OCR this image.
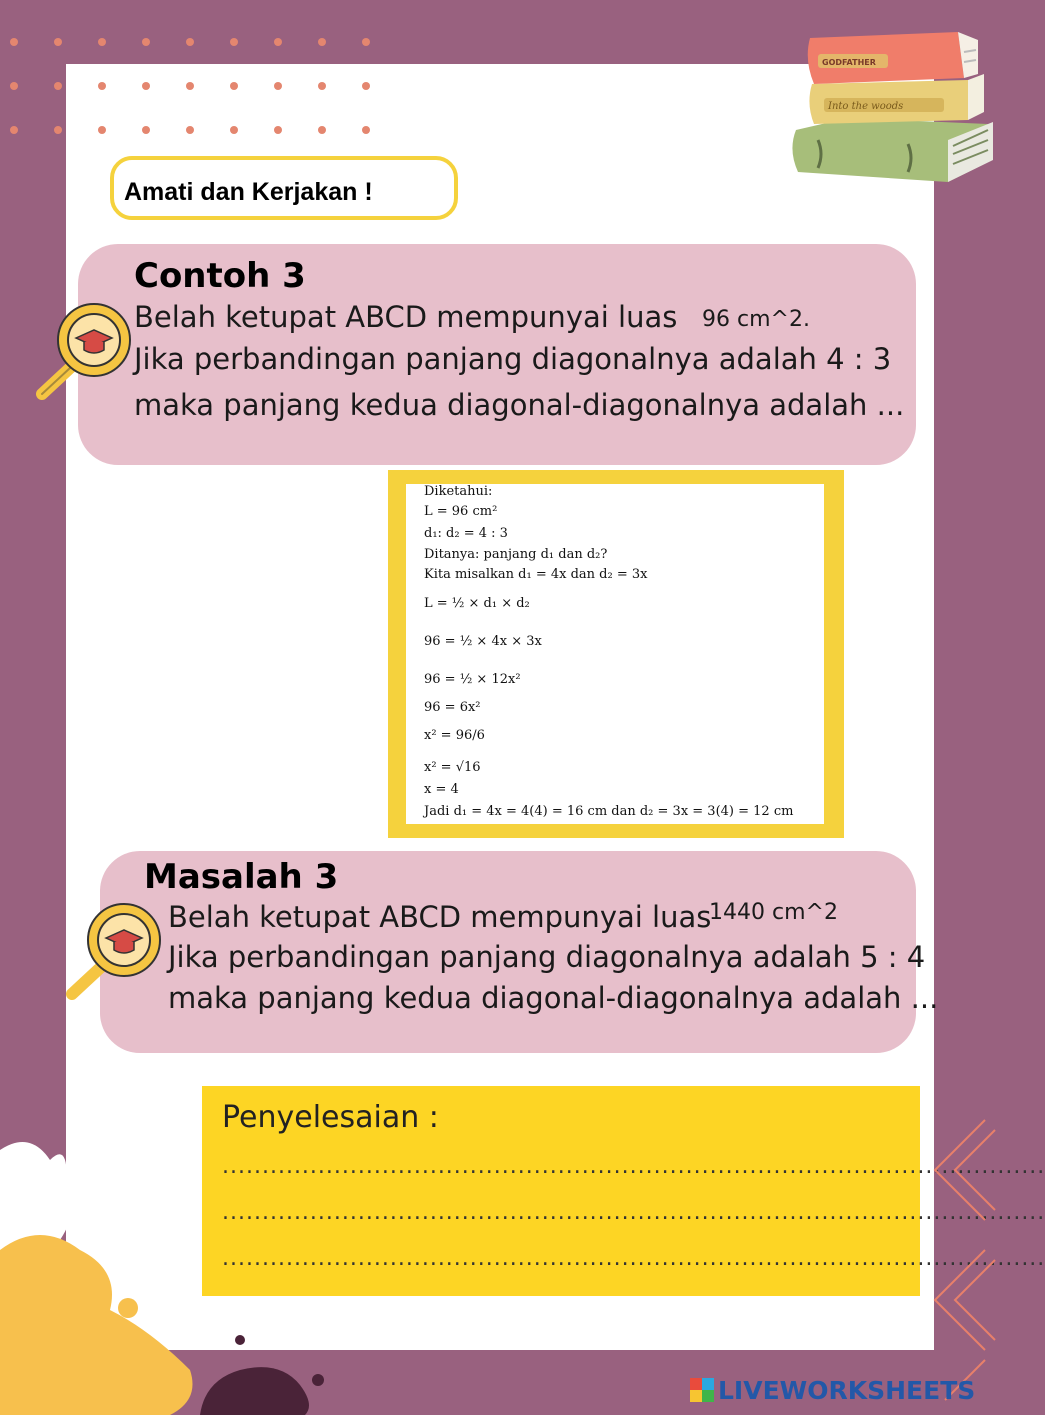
Into the woods
GODFATHER
Amati dan Kerjakan !
Contoh 3
Belah ketupat ABCD mempunyai luas 96 cm^2.
Jika perbandingan panjang diagonalnya adalah 4 : 3
maka panjang kedua diagonal-diagonalnya adalah ...
Diketahui:
L = 96 cm²
d₁: d₂ = 4 : 3
Ditanya: panjang d₁ dan d₂?
Kita misalkan d₁ = 4x dan d₂ = 3x
L = ½ × d₁ × d₂
96 = ½ × 4x × 3x
96 = ½ × 12x²
96 = 6x²
x² = 96/6
x² = √16
x = 4
Jadi d₁ = 4x = 4(4) = 16 cm dan d₂ = 3x = 3(4) = 12 cm
Masalah 3
Belah ketupat ABCD mempunyai luas
1440 cm^2
Jika perbandingan panjang diagonalnya adalah 5 : 4
maka panjang kedua diagonal-diagonalnya adalah ...
Penyelesaian :
.......................................................................................................
.......................................................................................................
.......................................................................................................
LIVEWORKSHEETS
